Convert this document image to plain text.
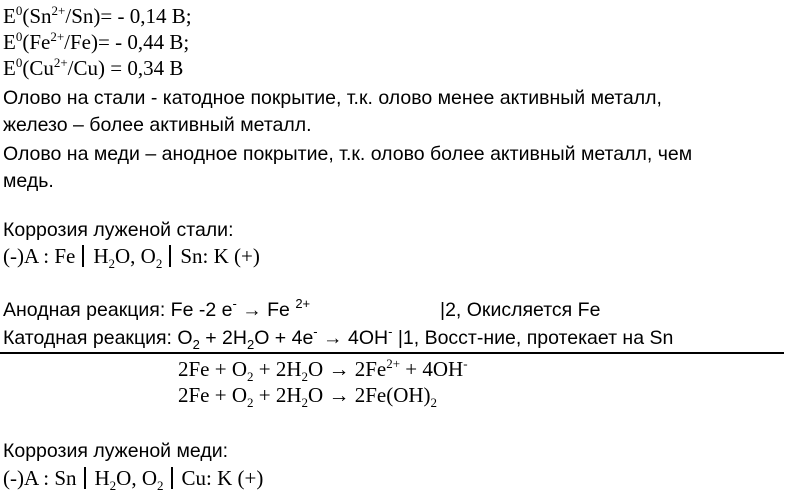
$E^0(Sn^{2+}/Sn)= - 0,14$ В;
$E^0(Fe^{2+}/Fe)= - 0,44$ В;
$E^0(Cu^{2+}/Cu) = 0,34$ В
Олово на стали - катодное покрытие, т.к. олово менее активный металл,
железо – более активный металл.
Олово на меди – анодное покрытие, т.к. олово более активный металл, чем
медь.
Коррозия луженой стали:
(-)A : Fe $H_2O$, $O_2$ Sn: K (+)
Анодная реакция: Fe -2 e- → Fe $^{2+}$	|2, Окисляется Fe
Катодная реакция: $O_2 + 2H_2O + 4e^- \to 4OH^-$ |1, Восст-ние, протекает на Sn
$2Fe + O_2 + 2H_2O \to 2Fe^{2+} + 4OH^-$
$2Fe + O_2 + 2H_2O \to 2Fe(OH)_2$
Коррозия луженой меди:
(-)A : Sn $H_2O$, $O_2$ Cu: K (+)
